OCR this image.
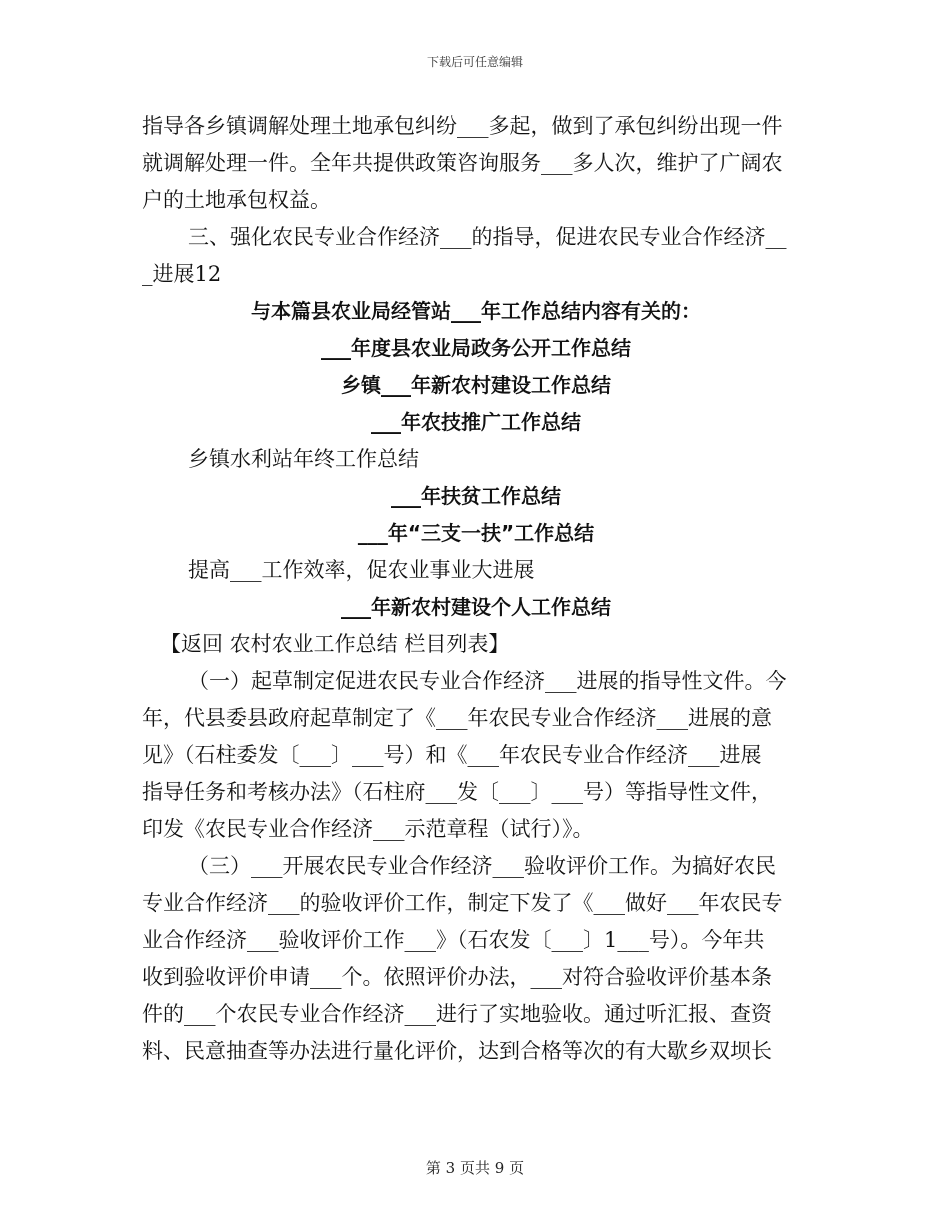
下载后可任意编辑
指导各乡镇调解处理土地承包纠纷___多起，做到了承包纠纷出现一件
就调解处理一件。全年共提供政策咨询服务___多人次，维护了广阔农
户的土地承包权益。
三、强化农民专业合作经济___的指导，促进农民专业合作经济__
_进展12
与本篇县农业局经管站___年工作总结内容有关的：
___年度县农业局政务公开工作总结
乡镇___年新农村建设工作总结
___年农技推广工作总结
乡镇水利站年终工作总结
___年扶贫工作总结
___年“三支一扶”工作总结
提高___工作效率，促农业事业大进展
___年新农村建设个人工作总结
【返回 农村农业工作总结 栏目列表】
（一）起草制定促进农民专业合作经济___进展的指导性文件。今
年，代县委县政府起草制定了《___年农民专业合作经济___进展的意
见》（石柱委发〔___〕___号）和《___年农民专业合作经济___进展
指导任务和考核办法》（石柱府___发〔___〕___号）等指导性文件，
印发《农民专业合作经济___示范章程（试行）》。
（三）___开展农民专业合作经济___验收评价工作。为搞好农民
专业合作经济___的验收评价工作，制定下发了《___做好___年农民专
业合作经济___验收评价工作___》（石农发〔___〕1___号）。今年共
收到验收评价申请___个。依照评价办法，___对符合验收评价基本条
件的___个农民专业合作经济___进行了实地验收。通过听汇报、查资
料、民意抽查等办法进行量化评价，达到合格等次的有大歇乡双坝长
第 3 页共 9 页
